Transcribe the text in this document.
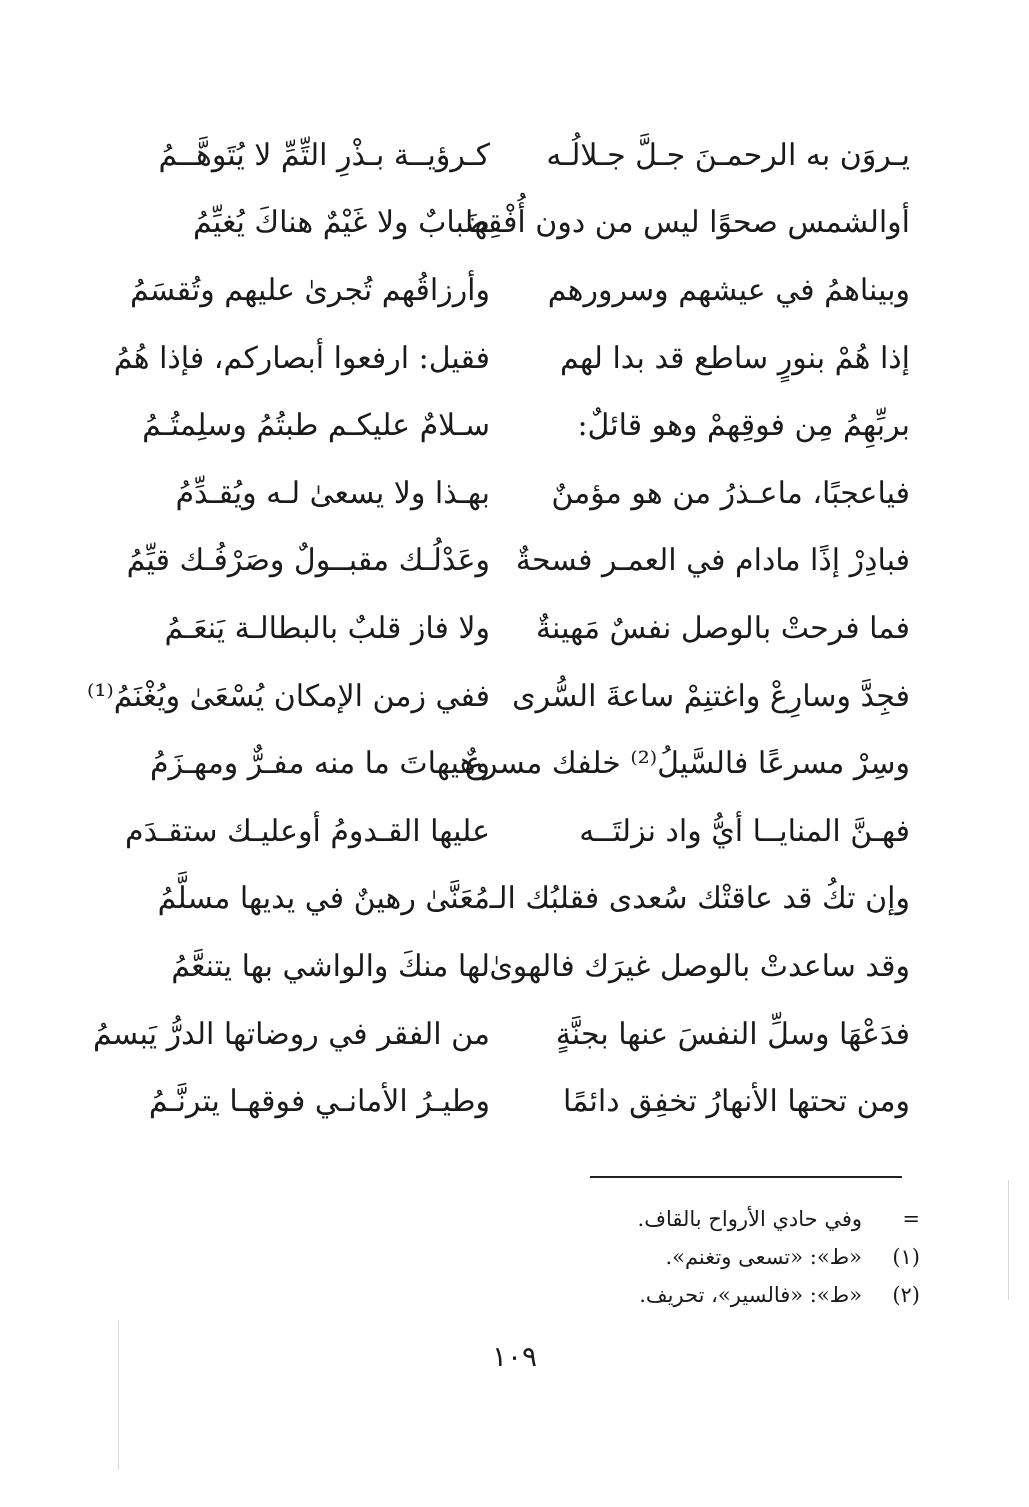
يـروَن به الرحمـنَ جـلَّ جـلالُـه
كـرؤيــة بـذْرِ التِّمِّ لا يُتَوهَّــمُ
أوالشمس صحوًا ليس من دون أُفْقِها
ضَبابٌ ولا غَيْمٌ هناكَ يُغيِّمُ
وبيناهمُ في عيشهم وسرورهم
وأرزاقُهم تُجرىٰ عليهم وتُقسَمُ
إذا هُمْ بنورٍ ساطع قد بدا لهم
فقيل: ارفعوا أبصاركم، فإذا هُمُ
بربِّهِمُ مِن فوقِهمْ وهو قائلٌ:
سـلامٌ عليكـم طبتُمُ وسلِمتُـمُ
فياعجبًا، ماعـذرُ من هو مؤمنٌ
بهـذا ولا يسعىٰ لـه ويُقـدِّمُ
فبادِرْ إذًا مادام في العمـر فسحةٌ
وعَدْلُـك مقبــولٌ وصَرْفُـك قيِّمُ
فما فرحتْ بالوصل نفسٌ مَهينةٌ
ولا فاز قلبٌ بالبطالـة يَنعَـمُ
فجِدَّ وسارِعْ واغتنِمْ ساعةَ السُّرى
ففي زمن الإمكان يُسْعَىٰ ويُغْنَمُ⁽¹⁾
وسِرْ مسرعًا فالسَّيلُ⁽²⁾ خلفك مسرعٌ
وهيهاتَ ما منه مفـرٌّ ومهـزَمُ
فهـنَّ المنايــا أيُّ واد نزلتَــه
عليها القـدومُ أوعليـك ستقـدَم
وإن تكُ قد عاقتْك سُعدى فقلبُك الـ
مُعَنَّىٰ رهينٌ في يديها مسلَّمُ
وقد ساعدتْ بالوصل غيرَك فالهوىٰ
لها منكَ والواشي بها يتنعَّمُ
فدَعْهَا وسلِّ النفسَ عنها بجنَّةٍ
من الفقر في روضاتها الدرُّ يَبسمُ
ومن تحتها الأنهارُ تخفِق دائمًا
وطيـرُ الأمانـي فوقهـا يترنَّـمُ
=
وفي حادي الأرواح بالقاف.
(١)
«ط»: «تسعى وتغنم».
(٢)
«ط»: «فالسير»، تحريف.
١٠٩
